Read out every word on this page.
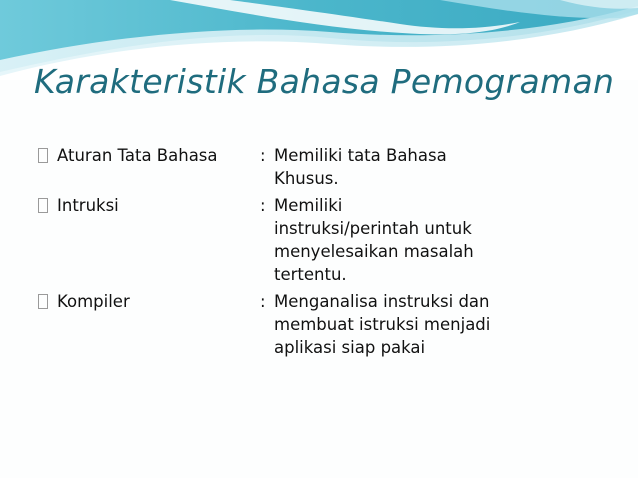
Karakteristik Bahasa Pemograman
Aturan Tata Bahasa	: Memiliki tata Bahasa
Khusus.
Intruksi	: Memiliki
instruksi/perintah untuk
menyelesaikan masalah
tertentu.
Kompiler	: Menganalisa instruksi dan
membuat istruksi menjadi
aplikasi siap pakai
